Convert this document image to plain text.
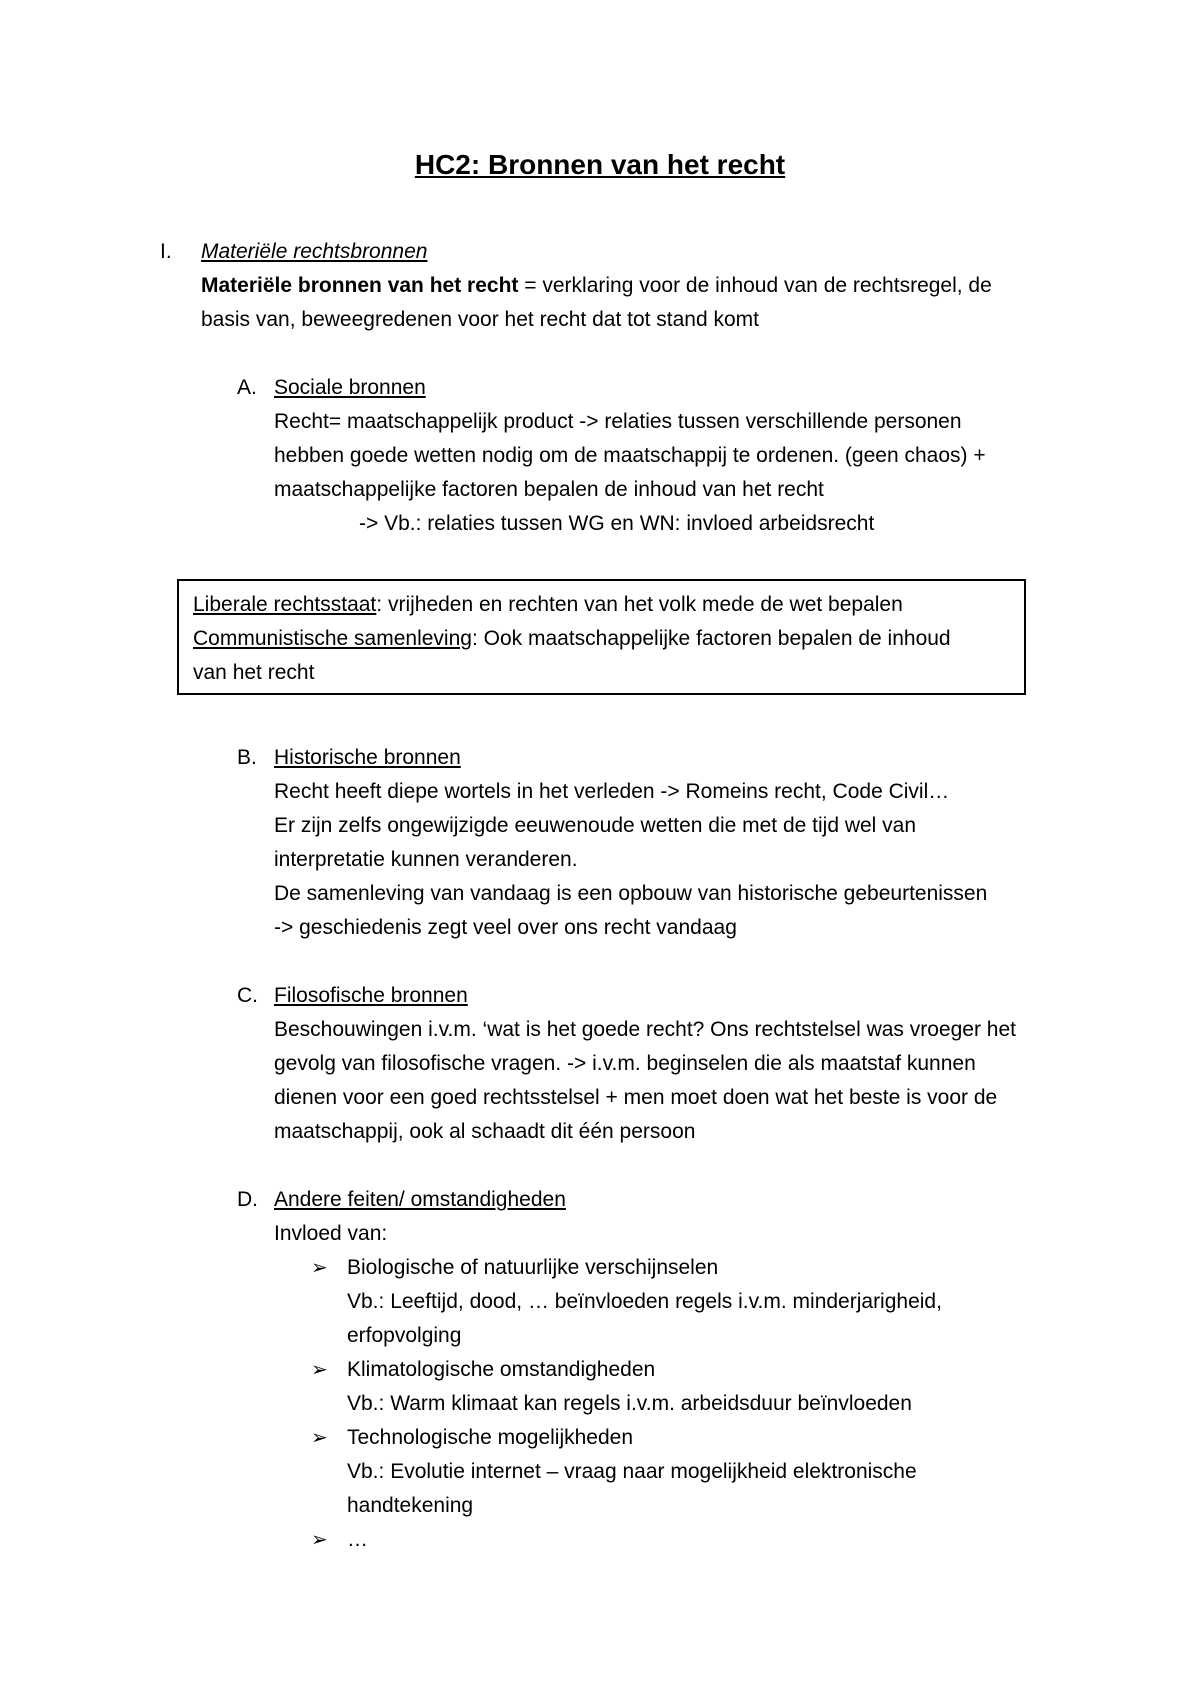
HC2: Bronnen van het recht
I. Materiële rechtsbronnen
Materiële bronnen van het recht = verklaring voor de inhoud van de rechtsregel, de
basis van, beweegredenen voor het recht dat tot stand komt
A. Sociale bronnen
Recht= maatschappelijk product -> relaties tussen verschillende personen
hebben goede wetten nodig om de maatschappij te ordenen. (geen chaos) +
maatschappelijke factoren bepalen de inhoud van het recht
-> Vb.: relaties tussen WG en WN: invloed arbeidsrecht
Liberale rechtsstaat: vrijheden en rechten van het volk mede de wet bepalen
Communistische samenleving: Ook maatschappelijke factoren bepalen de inhoud
van het recht
B. Historische bronnen
Recht heeft diepe wortels in het verleden -> Romeins recht, Code Civil…
Er zijn zelfs ongewijzigde eeuwenoude wetten die met de tijd wel van
interpretatie kunnen veranderen.
De samenleving van vandaag is een opbouw van historische gebeurtenissen
-> geschiedenis zegt veel over ons recht vandaag
C. Filosofische bronnen
Beschouwingen i.v.m. ‘wat is het goede recht? Ons rechtstelsel was vroeger het
gevolg van filosofische vragen. -> i.v.m. beginselen die als maatstaf kunnen
dienen voor een goed rechtsstelsel + men moet doen wat het beste is voor de
maatschappij, ook al schaadt dit één persoon
D. Andere feiten/ omstandigheden
Invloed van:
➢ Biologische of natuurlijke verschijnselen
Vb.: Leeftijd, dood, … beïnvloeden regels i.v.m. minderjarigheid,
erfopvolging
➢ Klimatologische omstandigheden
Vb.: Warm klimaat kan regels i.v.m. arbeidsduur beïnvloeden
➢ Technologische mogelijkheden
Vb.: Evolutie internet – vraag naar mogelijkheid elektronische
handtekening
➢ …
